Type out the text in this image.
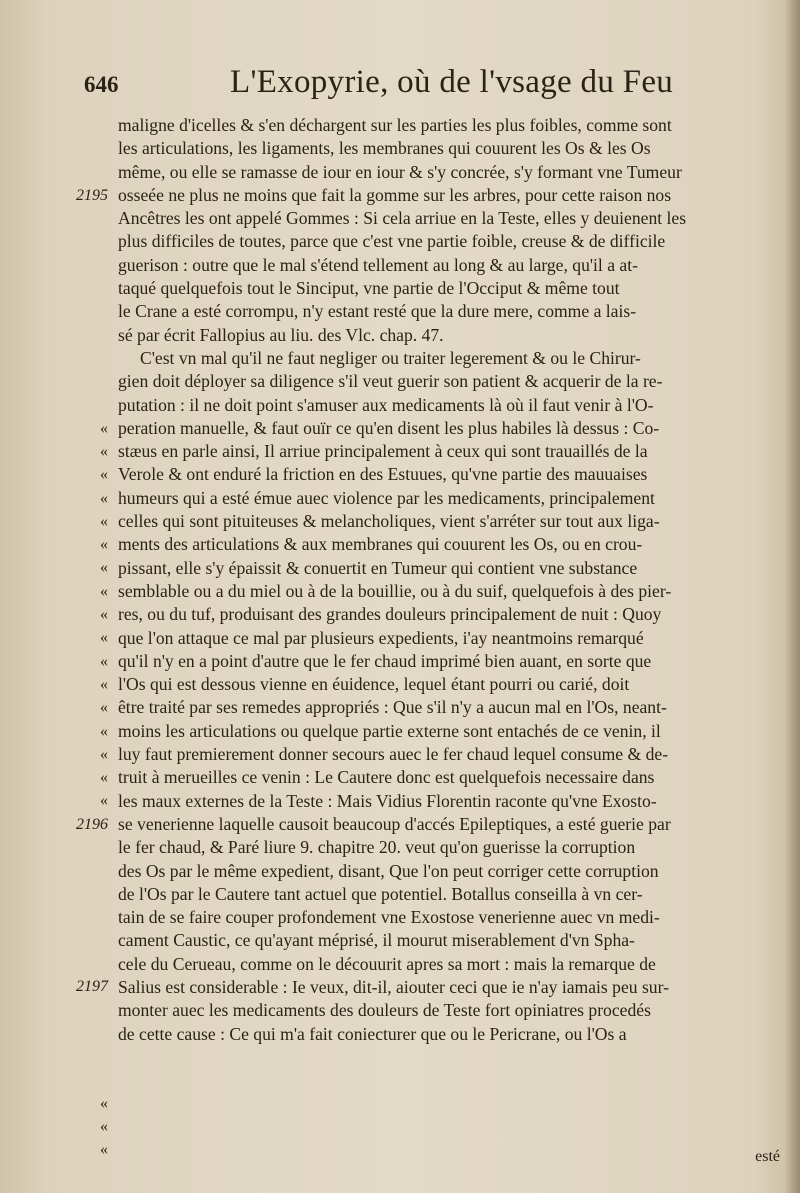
646	L'Exopyrie, où de l'vsage du Feu
2195
«
«
«
«
«
«
«
«
«
«
«
«
«
«
«
«
«
2196
2197
«
«
«
maligne d'icelles & s'en déchargent sur les parties les plus foibles, comme sont
les articulations, les ligaments, les membranes qui couurent les Os & les Os
même, ou elle se ramasse de iour en iour & s'y concrée, s'y formant vne Tumeur
osseée ne plus ne moins que fait la gomme sur les arbres, pour cette raison nos
Ancêtres les ont appelé Gommes : Si cela arriue en la Teste, elles y deuienent les
plus difficiles de toutes, parce que c'est vne partie foible, creuse & de difficile
guerison : outre que le mal s'étend tellement au long & au large, qu'il a at-
taqué quelquefois tout le Sinciput, vne partie de l'Occiput & même tout
le Crane a esté corrompu, n'y estant resté que la dure mere, comme a lais-
sé par écrit Fallopius au liu. des Vlc. chap. 47.
C'est vn mal qu'il ne faut negliger ou traiter legerement & ou le Chirur-
gien doit déployer sa diligence s'il veut guerir son patient & acquerir de la re-
putation : il ne doit point s'amuser aux medicaments là où il faut venir à l'O-
peration manuelle, & faut ouïr ce qu'en disent les plus habiles là dessus : Co-
stæus en parle ainsi, Il arriue principalement à ceux qui sont trauaillés de la
Verole & ont enduré la friction en des Estuues, qu'vne partie des mauuaises
humeurs qui a esté émue auec violence par les medicaments, principalement
celles qui sont pituiteuses & melancholiques, vient s'arréter sur tout aux liga-
ments des articulations & aux membranes qui couurent les Os, ou en crou-
pissant, elle s'y épaissit & conuertit en Tumeur qui contient vne substance
semblable ou a du miel ou à de la bouillie, ou à du suif, quelquefois à des pier-
res, ou du tuf, produisant des grandes douleurs principalement de nuit : Quoy
que l'on attaque ce mal par plusieurs expedients, i'ay neantmoins remarqué
qu'il n'y en a point d'autre que le fer chaud imprimé bien auant, en sorte que
l'Os qui est dessous vienne en éuidence, lequel étant pourri ou carié, doit
être traité par ses remedes appropriés : Que s'il n'y a aucun mal en l'Os, neant-
moins les articulations ou quelque partie externe sont entachés de ce venin, il
luy faut premierement donner secours auec le fer chaud lequel consume & de-
truit à merueilles ce venin : Le Cautere donc est quelquefois necessaire dans
les maux externes de la Teste : Mais Vidius Florentin raconte qu'vne Exosto-
se venerienne laquelle causoit beaucoup d'accés Epileptiques, a esté guerie par
le fer chaud, & Paré liure 9. chapitre 20. veut qu'on guerisse la corruption
des Os par le même expedient, disant, Que l'on peut corriger cette corruption
de l'Os par le Cautere tant actuel que potentiel. Botallus conseilla à vn cer-
tain de se faire couper profondement vne Exostose venerienne auec vn medi-
cament Caustic, ce qu'ayant méprisé, il mourut miserablement d'vn Spha-
cele du Cerueau, comme on le découurit apres sa mort : mais la remarque de
Salius est considerable : Ie veux, dit-il, aiouter ceci que ie n'ay iamais peu sur-
monter auec les medicaments des douleurs de Teste fort opiniatres procedés
de cette cause : Ce qui m'a fait coniecturer que ou le Pericrane, ou l'Os a
esté
